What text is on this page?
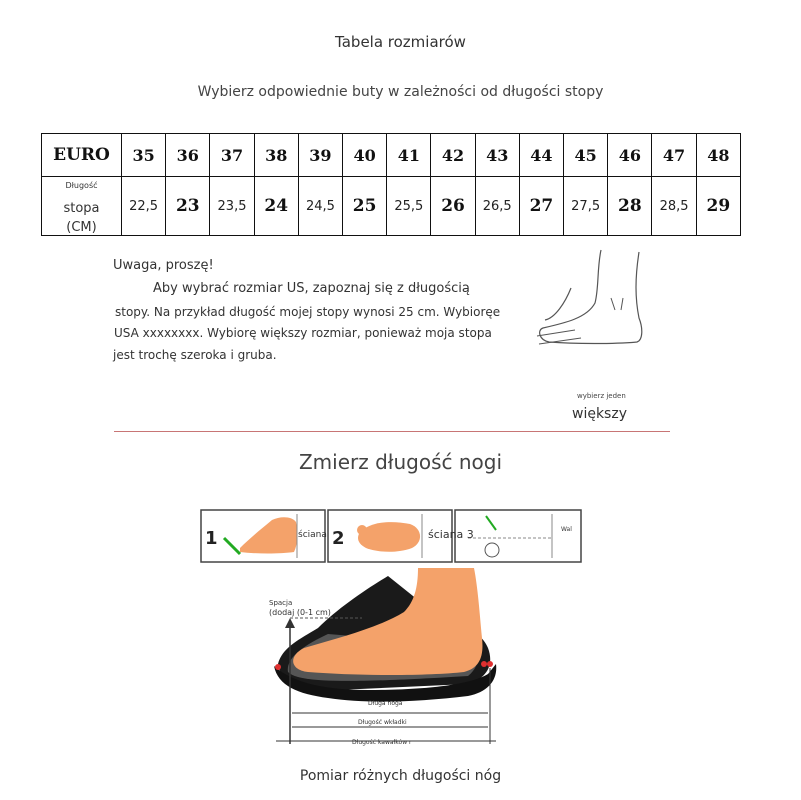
Tabela rozmiarów
Wybierz odpowiednie buty w zależności od długości stopy
EURO	35	36	37	38	39	40	41	42	43	44	45	46	47	48

Długość
stopa
(CM)	22,5	23	23,5	24	24,5	25	25,5	26	26,5	27	27,5	28	28,5	29
Uwaga, proszę!
Aby wybrać rozmiar US, zapoznaj się z długością
stopy. Na przykład długość mojej stopy wynosi 25 cm. Wybioręe
USA xxxxxxxx. Wybiorę większy rozmiar, ponieważ moja stopa
jest trochę szeroka i gruba.
wybierz jeden
większy
Zmierz długość nogi
1	2
ściana	ściana 3	Wal
Spacja
(dodaj (0-1 cm)
Długa noga
Długość wkładki
Długość kawałków r
Pomiar różnych długości nóg
